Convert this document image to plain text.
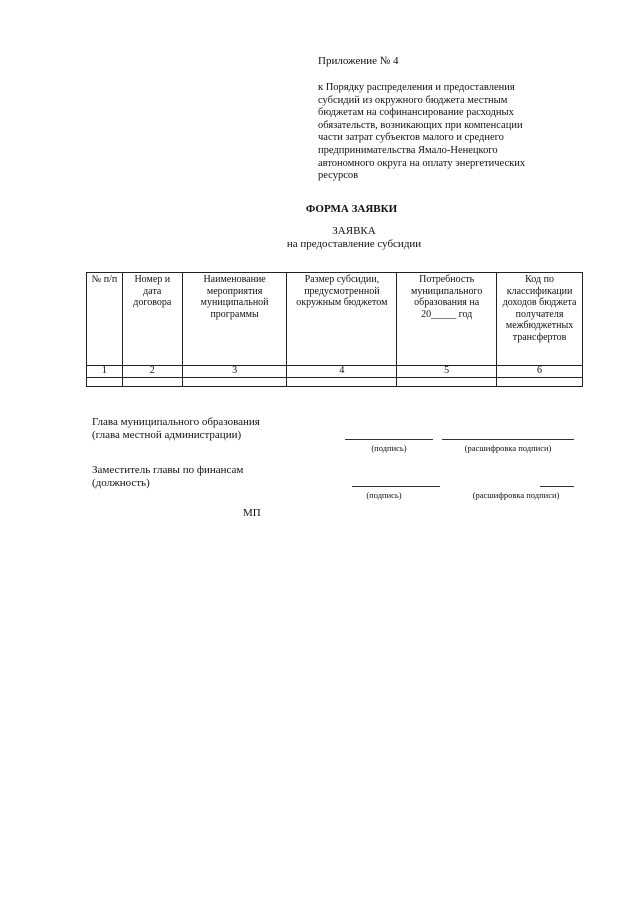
Приложение № 4
к Порядку распределения и предоставления
субсидий из окружного бюджета местным
бюджетам на софинансирование расходных
обязательств, возникающих при компенсации
части затрат субъектов малого и среднего
предпринимательства Ямало-Ненецкого
автономного округа на оплату энергетических
ресурсов
ФОРМА ЗАЯВКИ
ЗАЯВКА
на предоставление субсидии
№ п/п	Номер и дата договора	Наименование мероприятия муниципальной программы	Размер субсидии, предусмотренной окружным бюджетом	Потребность муниципального образования на 20_____ год	Код по классификации доходов бюджета получателя межбюджетных трансфертов
1	2	3	4	5	6

Глава муниципального образования
(глава местной администрации)
(подпись)	(расшифровка подписи)
Заместитель главы по финансам
(должность)
(подпись)	(расшифровка подписи)
МП
